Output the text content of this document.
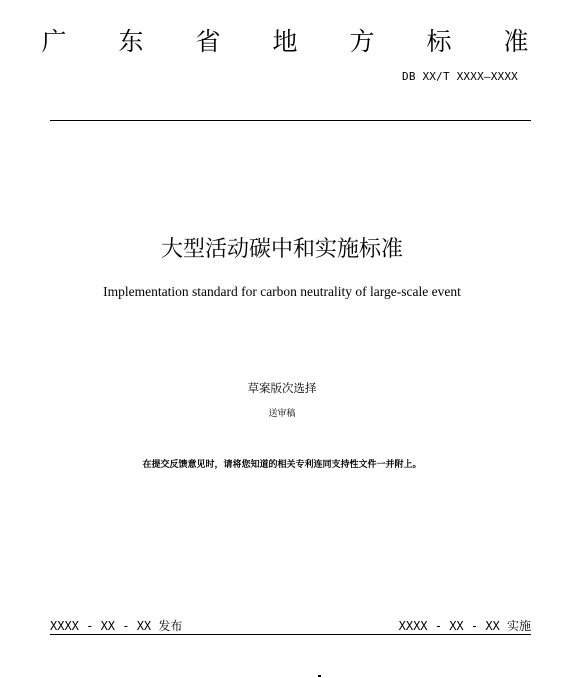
广 东 省 地 方 标 准
DB XX/T XXXX—XXXX
大型活动碳中和实施标准
Implementation standard for carbon neutrality of large-scale event
草案版次选择
送审稿
在提交反馈意见时，请将您知道的相关专利连同支持性文件一并附上。
XXXX - XX - XX 发布	XXXX - XX - XX 实施
